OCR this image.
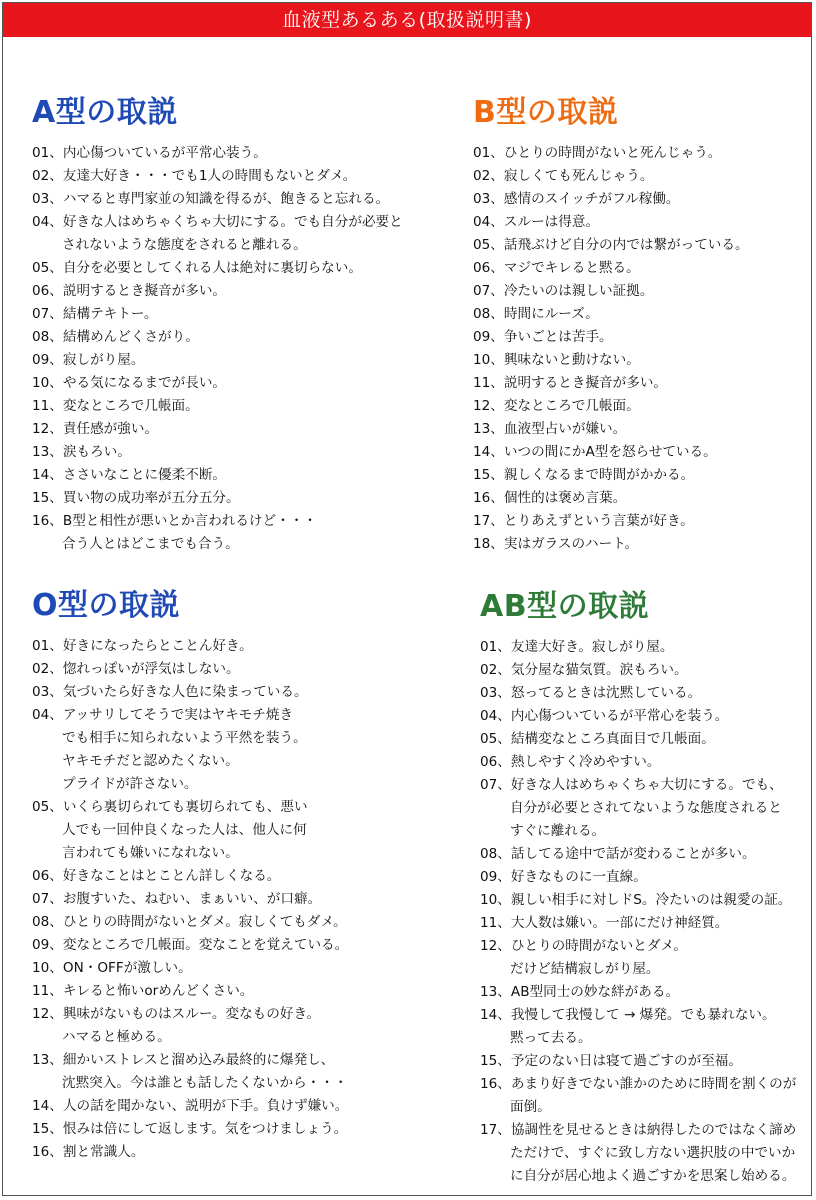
血液型あるある(取扱説明書)
A型の取説
01、内心傷ついているが平常心装う。
02、友達大好き・・・でも1人の時間もないとダメ。
03、ハマると専門家並の知識を得るが、飽きると忘れる。
04、好きな人はめちゃくちゃ大切にする。でも自分が必要と
されないような態度をされると離れる。
05、自分を必要としてくれる人は絶対に裏切らない。
06、説明するとき擬音が多い。
07、結構テキトー。
08、結構めんどくさがり。
09、寂しがり屋。
10、やる気になるまでが長い。
11、変なところで几帳面。
12、責任感が強い。
13、涙もろい。
14、ささいなことに優柔不断。
15、買い物の成功率が五分五分。
16、B型と相性が悪いとか言われるけど・・・
合う人とはどこまでも合う。
B型の取説
01、ひとりの時間がないと死んじゃう。
02、寂しくても死んじゃう。
03、感情のスイッチがフル稼働。
04、スルーは得意。
05、話飛ぶけど自分の内では繋がっている。
06、マジでキレると黙る。
07、冷たいのは親しい証拠。
08、時間にルーズ。
09、争いごとは苦手。
10、興味ないと動けない。
11、説明するとき擬音が多い。
12、変なところで几帳面。
13、血液型占いが嫌い。
14、いつの間にかA型を怒らせている。
15、親しくなるまで時間がかかる。
16、個性的は褒め言葉。
17、とりあえずという言葉が好き。
18、実はガラスのハート。
O型の取説
01、好きになったらとことん好き。
02、惚れっぽいが浮気はしない。
03、気づいたら好きな人色に染まっている。
04、アッサリしてそうで実はヤキモチ焼き
でも相手に知られないよう平然を装う。
ヤキモチだと認めたくない。
プライドが許さない。
05、いくら裏切られても裏切られても、悪い
人でも一回仲良くなった人は、他人に何
言われても嫌いになれない。
06、好きなことはとことん詳しくなる。
07、お腹すいた、ねむい、まぁいい、が口癖。
08、ひとりの時間がないとダメ。寂しくてもダメ。
09、変なところで几帳面。変なことを覚えている。
10、ON・OFFが激しい。
11、キレると怖いorめんどくさい。
12、興味がないものはスルー。変なもの好き。
ハマると極める。
13、細かいストレスと溜め込み最終的に爆発し、
沈黙突入。今は誰とも話したくないから・・・
14、人の話を聞かない、説明が下手。負けず嫌い。
15、恨みは倍にして返します。気をつけましょう。
16、割と常識人。
AB型の取説
01、友達大好き。寂しがり屋。
02、気分屋な猫気質。涙もろい。
03、怒ってるときは沈黙している。
04、内心傷ついているが平常心を装う。
05、結構変なところ真面目で几帳面。
06、熱しやすく冷めやすい。
07、好きな人はめちゃくちゃ大切にする。でも、
自分が必要とされてないような態度されると
すぐに離れる。
08、話してる途中で話が変わることが多い。
09、好きなものに一直線。
10、親しい相手に対しドS。冷たいのは親愛の証。
11、大人数は嫌い。一部にだけ神経質。
12、ひとりの時間がないとダメ。
だけど結構寂しがり屋。
13、AB型同士の妙な絆がある。
14、我慢して我慢して → 爆発。でも暴れない。
黙って去る。
15、予定のない日は寝て過ごすのが至福。
16、あまり好きでない誰かのために時間を割くのが
面倒。
17、協調性を見せるときは納得したのではなく諦め
ただけで、すぐに致し方ない選択肢の中でいか
に自分が居心地よく過ごすかを思案し始める。
